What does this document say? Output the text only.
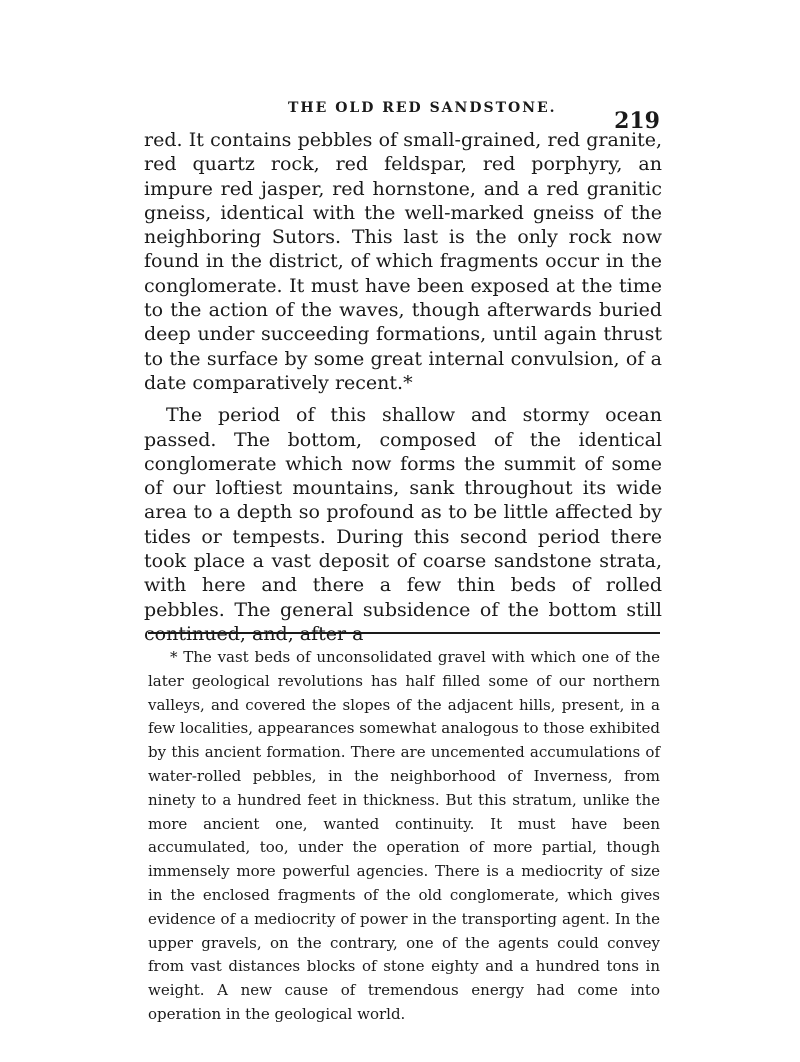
THE OLD RED SANDSTONE.	219

red. It contains pebbles of small-grained, red granite, red quartz rock, red feldspar, red porphyry, an impure red jasper, red hornstone, and a red granitic gneiss, identical with the well-marked gneiss of the neighboring Sutors. This last is the only rock now found in the district, of which fragments occur in the conglomerate. It must have been exposed at the time to the action of the waves, though afterwards buried deep under succeeding formations, until again thrust to the surface by some great internal convulsion, of a date comparatively recent.*

The period of this shallow and stormy ocean passed. The bottom, composed of the identical conglomerate which now forms the summit of some of our loftiest mountains, sank throughout its wide area to a depth so profound as to be little affected by tides or tempests. During this second period there took place a vast deposit of coarse sandstone strata, with here and there a few thin beds of rolled pebbles. The general subsidence of the bottom still continued, and, after a

* The vast beds of unconsolidated gravel with which one of the later geological revolutions has half filled some of our northern valleys, and covered the slopes of the adjacent hills, present, in a few localities, appearances somewhat analogous to those exhibited by this ancient formation. There are uncemented accumulations of water-rolled pebbles, in the neighborhood of Inverness, from ninety to a hundred feet in thickness. But this stratum, unlike the more ancient one, wanted continuity. It must have been accumulated, too, under the operation of more partial, though immensely more powerful agencies. There is a mediocrity of size in the enclosed fragments of the old conglomerate, which gives evidence of a mediocrity of power in the transporting agent. In the upper gravels, on the contrary, one of the agents could convey from vast distances blocks of stone eighty and a hundred tons in weight. A new cause of tremendous energy had come into operation in the geological world.
